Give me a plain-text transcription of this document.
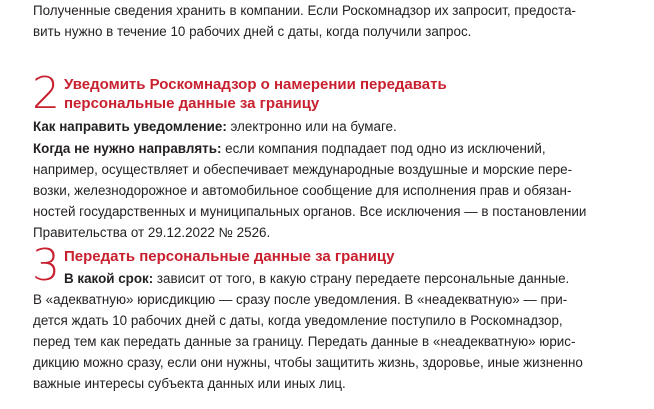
Полученные сведения хранить в компании. Если Роскомнадзор их запросит, предоста-
вить нужно в течение 10 рабочих дней с даты, когда получили запрос.

2 Уведомить Роскомнадзор о намерении передавать
персональные данные за границу

Как направить уведомление: электронно или на бумаге.

Когда не нужно направлять: если компания подпадает под одно из исключений,
например, осуществляет и обеспечивает международные воздушные и морские пере-
возки, железнодорожное и автомобильное сообщение для исполнения прав и обязан-
ностей государственных и муниципальных органов. Все исключения — в постановлении
Правительства от 29.12.2022 № 2526.

3 Передать персональные данные за границу

В какой срок: зависит от того, в какую страну передаете персональные данные.
В «адекватную» юрисдикцию — сразу после уведомления. В «неадекватную» — при-
дется ждать 10 рабочих дней с даты, когда уведомление поступило в Роскомнадзор,
перед тем как передать данные за границу. Передать данные в «неадекватную» юрис-
дикцию можно сразу, если они нужны, чтобы защитить жизнь, здоровье, иные жизненно
важные интересы субъекта данных или иных лиц.
